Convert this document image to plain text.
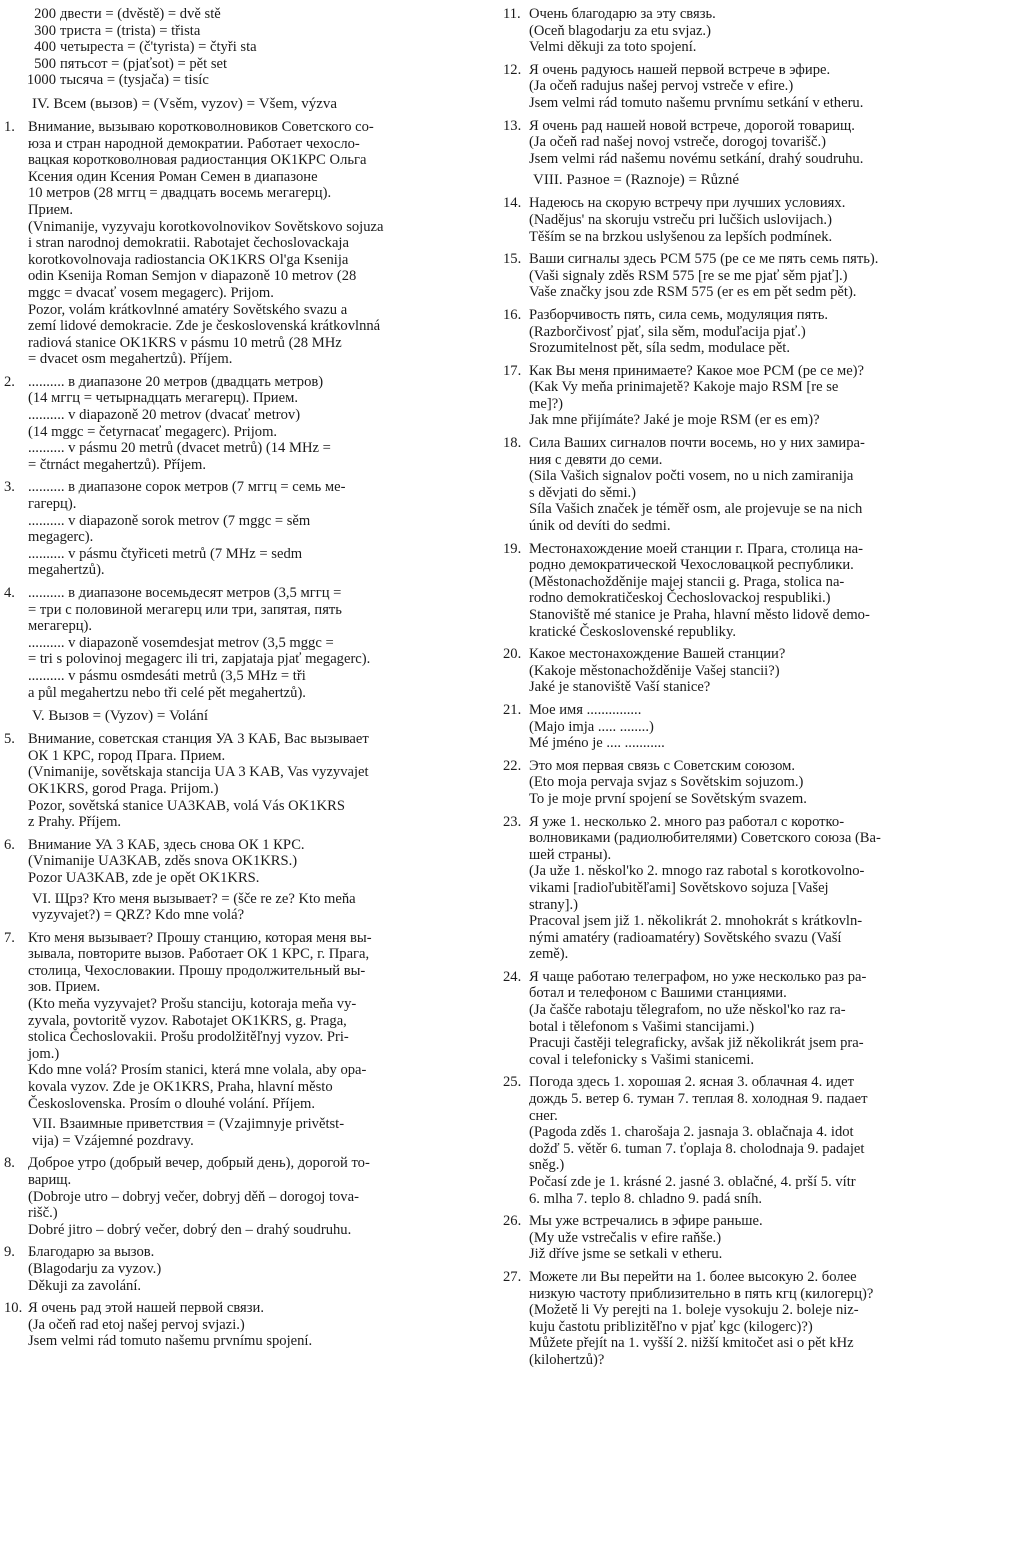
200 двести = (dvěstě) = dvě stě
300 триста = (trista) = třista
400 четыреста = (č'tyrista) = čtyři sta
500 пятьсот = (pjaťsot) = pět set
1000 тысяча = (tysjača) = tisíc
IV. Всем (вызов) = (Vsěm, vyzov) = Všem, výzva
1. Внимание, вызываю коротковолновиков Советского со-
юза и стран народной демократии. Работает чехосло-
вацкая коротковолновая радиостанция ОК1КРС Ольга
Ксения один Ксения Роман Семен в диапазоне
10 метров (28 мггц = двадцать восемь мегагерц).
Прием.
(Vnimanije, vyzyvaju korotkovolnovikov Sovětskovo sojuza
i stran narodnoj demokratii. Rabotajet čechoslovackaja
korotkovolnovaja radiostancia OK1KRS Ol'ga Ksenija
odin Ksenija Roman Semjon v diapazoně 10 metrov (28
mggc = dvacať vosem megagerc). Prijom.
Pozor, volám krátkovlnné amatéry Sovětského svazu a
zemí lidové demokracie. Zde je československá krátkovlnná
radiová stanice OK1KRS v pásmu 10 metrů (28 MHz
= dvacet osm megahertzů). Příjem.
2. .......... в диапазоне 20 метров (двадцать метров)
(14 мггц = четырнадцать мегагерц). Прием.
.......... v diapazoně 20 metrov (dvacať metrov)
(14 mggc = četyrnacať megagerc). Prijom.
.......... v pásmu 20 metrů (dvacet metrů) (14 MHz =
= čtrnáct megahertzů). Příjem.
3. .......... в диапазоне сорок метров (7 мггц = семь ме-
гагерц).
.......... v diapazoně sorok metrov (7 mggc = sěm
megagerc).
.......... v pásmu čtyřiceti metrů (7 MHz = sedm
megahertzů).
4. .......... в диапазоне восемьдесят метров (3,5 мггц =
= три с половиной мегагерц или три, запятая, пять
мегагерц).
.......... v diapazoně vosemdesjat metrov (3,5 mggc =
= tri s polovinoj megagerc ili tri, zapjataja pjať megagerc).
.......... v pásmu osmdesáti metrů (3,5 MHz = tři
a půl megahertzu nebo tři celé pět megahertzů).
V. Вызов = (Vyzov) = Volání
5. Внимание, советская станция УА 3 КАБ, Вас вызывает
ОК 1 КРС, город Прага. Прием.
(Vnimanije, sovětskaja stancija UA 3 KAB, Vas vyzyvajet
OK1KRS, gorod Praga. Prijom.)
Pozor, sovětská stanice UA3KAB, volá Vás OK1KRS
z Prahy. Příjem.
6. Внимание УА 3 КАБ, здесь снова ОК 1 КРС.
(Vnimanije UA3KAB, zděs snova OK1KRS.)
Pozor UA3KAB, zde je opět OK1KRS.
VI. Щрз? Кто меня вызывает? = (šče re ze? Kto meňa
vyzyvajet?) = QRZ? Kdo mne volá?
7. Кто меня вызывает? Прошу станцию, которая меня вы-
зывала, повторите вызов. Работает ОК 1 КРС, г. Прага,
столица, Чехословакии. Прошу продолжительный вы-
зов. Прием.
(Kto meňa vyzyvajet? Prošu stanciju, kotoraja meňa vy-
zyvala, povtoritě vyzov. Rabotajet OK1KRS, g. Praga,
stolica Čechoslovakii. Prošu prodolžitěľnyj vyzov. Pri-
jom.)
Kdo mne volá? Prosím stanici, která mne volala, aby opa-
kovala vyzov. Zde je OK1KRS, Praha, hlavní město
Československa. Prosím o dlouhé volání. Příjem.
VII. Взаимные приветствия = (Vzajimnyje privětst-
vija) = Vzájemné pozdravy.
8. Доброе утро (добрый вечер, добрый день), дорогой то-
варищ.
(Dobroje utro – dobryj večer, dobryj děň – dorogoj tova-
rišč.)
Dobré jitro – dobrý večer, dobrý den – drahý soudruhu.
9. Благодарю за вызов.
(Blagodarju za vyzov.)
Děkuji za zavolání.
10. Я очень рад этой нашей первой связи.
(Ja očeň rad etoj našej pervoj svjazi.)
Jsem velmi rád tomuto našemu prvnímu spojení.
11. Очень благодарю за эту связь.
(Oceň blagodarju za etu svjaz.)
Velmi děkuji za toto spojení.
12. Я очень радуюсь нашей первой встрече в эфире.
(Ja očeň radujus našej pervoj vstreče v efire.)
Jsem velmi rád tomuto našemu prvnímu setkání v etheru.
13. Я очень рад нашей новой встрече, дорогой товарищ.
(Ja očeň rad našej novoj vstreče, dorogoj tovarišč.)
Jsem velmi rád našemu novému setkání, drahý soudruhu.
VIII. Разное = (Raznoje) = Různé
14. Надеюсь на скорую встречу при лучших условиях.
(Nadějus' na skoruju vstreču pri lučšich uslovijach.)
Těším se na brzkou uslyšenou za lepších podmínek.
15. Ваши сигналы здесь РСМ 575 (ре се ме пять семь пять).
(Vaši signaly zděs RSM 575 [re se me pjať sěm pjať].)
Vaše značky jsou zde RSM 575 (er es em pět sedm pět).
16. Разборчивость пять, сила семь, модуляция пять.
(Razborčivosť pjať, sila sěm, moduľacija pjať.)
Srozumitelnost pět, síla sedm, modulace pět.
17. Как Вы меня принимаете? Какое мое РСМ (ре се ме)?
(Kak Vy meňa prinimajetě? Kakoje majo RSM [re se
me]?)
Jak mne přijímáte? Jaké je moje RSM (er es em)?
18. Сила Ваших сигналов почти восемь, но у них замира-
ния с девяти до семи.
(Sila Vašich signalov počti vosem, no u nich zamiranija
s děvjati do sěmi.)
Síla Vašich značek je téměř osm, ale projevuje se na nich
únik od devíti do sedmi.
19. Местонахождение моей станции г. Прага, столица на-
родно демократической Чехословацкой республики.
(Městonachožděnije majej stancii g. Praga, stolica na-
rodno demokratičeskoj Čechoslovackoj respubliki.)
Stanoviště mé stanice je Praha, hlavní město lidově demo-
kratické Československé republiky.
20. Какое местонахождение Вашей станции?
(Kakoje městonachožděnije Vašej stancii?)
Jaké je stanoviště Vaší stanice?
21. Мое имя ...............
(Majo imja ..... ........)
Mé jméno je .... ...........
22. Это моя первая связь с Советским союзом.
(Eto moja pervaja svjaz s Sovětskim sojuzom.)
To je moje první spojení se Sovětským svazem.
23. Я уже 1. несколько 2. много раз работал с коротко-
волновиками (радиолюбителями) Советского союза (Ва-
шей страны).
(Ja uže 1. něskol'ko 2. mnogo raz rabotal s korotkovolno-
vikami [radioľubitěľami] Sovětskovo sojuza [Vašej
strany].)
Pracoval jsem již 1. několikrát 2. mnohokrát s krátkovln-
nými amatéry (radioamatéry) Sovětského svazu (Vaší
země).
24. Я чаще работаю телеграфом, но уже несколько раз ра-
ботал и телефоном с Вашими станциями.
(Ja čašče rabotaju tělegrafom, no uže něskol'ko raz ra-
botal i tělefonom s Vašimi stancijami.)
Pracuji častěji telegraficky, avšak již několikrát jsem pra-
coval i telefonicky s Vašimi stanicemi.
25. Погода здесь 1. хорошая 2. ясная 3. облачная 4. идет
дождь 5. ветер 6. туман 7. теплая 8. холодная 9. падает
снег.
(Pagoda zděs 1. charošaja 2. jasnaja 3. oblačnaja 4. idot
dožď 5. větěr 6. tuman 7. ťoplaja 8. cholodnaja 9. padajet
sněg.)
Počasí zde je 1. krásné 2. jasné 3. oblačné, 4. prší 5. vítr
6. mlha 7. teplo 8. chladno 9. padá sníh.
26. Мы уже встречались в эфире раньше.
(My uže vstrečalis v efire raňše.)
Již dříve jsme se setkali v etheru.
27. Можете ли Вы перейти на 1. более высокую 2. более
низкую частоту приблизительно в пять кгц (килогерц)?
(Možetě li Vy perejti na 1. boleje vysokuju 2. boleje niz-
kuju častotu priblizitěľno v pjať kgc (kilogerc)?)
Můžete přejít na 1. vyšší 2. nižší kmitočet asi o pět kHz
(kilohertzů)?
